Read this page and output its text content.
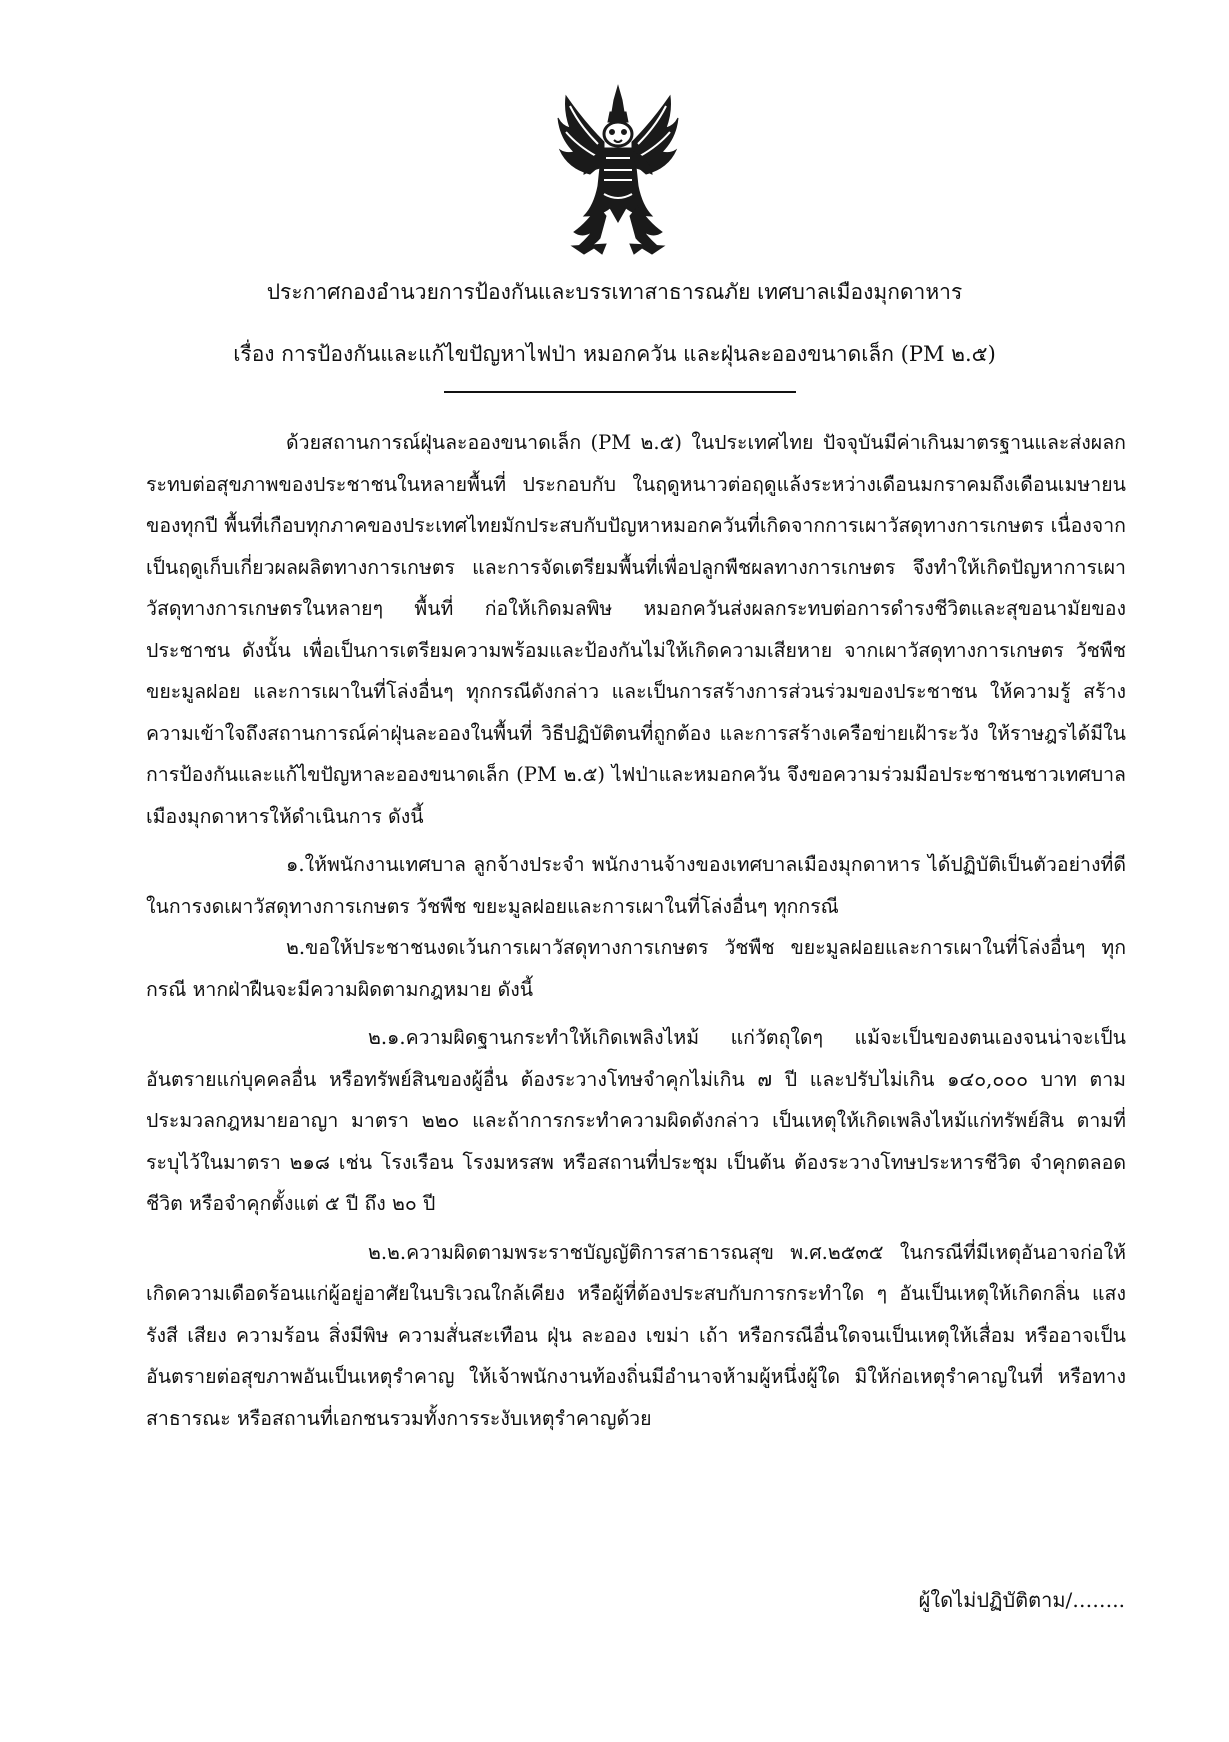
ประกาศกองอำนวยการป้องกันและบรรเทาสาธารณภัย เทศบาลเมืองมุกดาหาร
เรื่อง การป้องกันและแก้ไขปัญหาไฟป่า หมอกควัน และฝุ่นละอองขนาดเล็ก (PM ๒.๕)

ด้วยสถานการณ์ฝุ่นละอองขนาดเล็ก (PM ๒.๕) ในประเทศไทย ปัจจุบันมีค่าเกินมาตรฐานและส่งผลกระทบต่อสุขภาพของประชาชนในหลายพื้นที่ ประกอบกับ ในฤดูหนาวต่อฤดูแล้งระหว่างเดือนมกราคมถึงเดือนเมษายน ของทุกปี พื้นที่เกือบทุกภาคของประเทศไทยมักประสบกับปัญหาหมอกควันที่เกิดจากการเผาวัสดุทางการเกษตร เนื่องจากเป็นฤดูเก็บเกี่ยวผลผลิตทางการเกษตร และการจัดเตรียมพื้นที่เพื่อปลูกพืชผลทางการเกษตร จึงทำให้เกิดปัญหาการเผาวัสดุทางการเกษตรในหลายๆ พื้นที่ ก่อให้เกิดมลพิษ หมอกควันส่งผลกระทบต่อการดำรงชีวิตและสุขอนามัยของประชาชน ดังนั้น เพื่อเป็นการเตรียมความพร้อมและป้องกันไม่ให้เกิดความเสียหาย จากเผาวัสดุทางการเกษตร วัชพืช ขยะมูลฝอย และการเผาในที่โล่งอื่นๆ ทุกกรณีดังกล่าว และเป็นการสร้างการส่วนร่วมของประชาชน ให้ความรู้ สร้างความเข้าใจถึงสถานการณ์ค่าฝุ่นละอองในพื้นที่ วิธีปฏิบัติตนที่ถูกต้อง และการสร้างเครือข่ายเฝ้าระวัง ให้ราษฎรได้มีในการป้องกันและแก้ไขปัญหาละอองขนาดเล็ก (PM ๒.๕) ไฟป่าและหมอกควัน จึงขอความร่วมมือประชาชนชาวเทศบาลเมืองมุกดาหารให้ดำเนินการ ดังนี้

๑.ให้พนักงานเทศบาล ลูกจ้างประจำ พนักงานจ้างของเทศบาลเมืองมุกดาหาร ได้ปฏิบัติเป็นตัวอย่างที่ดี ในการงดเผาวัสดุทางการเกษตร วัชพืช ขยะมูลฝอยและการเผาในที่โล่งอื่นๆ ทุกกรณี

๒.ขอให้ประชาชนงดเว้นการเผาวัสดุทางการเกษตร วัชพืช ขยะมูลฝอยและการเผาในที่โล่งอื่นๆ ทุกกรณี หากฝ่าฝืนจะมีความผิดตามกฎหมาย ดังนี้

๒.๑.ความผิดฐานกระทำให้เกิดเพลิงไหม้ แก่วัตถุใดๆ แม้จะเป็นของตนเองจนน่าจะเป็นอันตรายแก่บุคคลอื่น หรือทรัพย์สินของผู้อื่น ต้องระวางโทษจำคุกไม่เกิน ๗ ปี และปรับไม่เกิน ๑๔๐,๐๐๐ บาท ตามประมวลกฎหมายอาญา มาตรา ๒๒๐ และถ้าการกระทำความผิดดังกล่าว เป็นเหตุให้เกิดเพลิงไหม้แก่ทรัพย์สิน ตามที่ระบุไว้ในมาตรา ๒๑๘ เช่น โรงเรือน โรงมหรสพ หรือสถานที่ประชุม เป็นต้น ต้องระวางโทษประหารชีวิต จำคุกตลอดชีวิต หรือจำคุกตั้งแต่ ๕ ปี ถึง ๒๐ ปี

๒.๒.ความผิดตามพระราชบัญญัติการสาธารณสุข พ.ศ.๒๕๓๕ ในกรณีที่มีเหตุอันอาจก่อให้เกิดความเดือดร้อนแก่ผู้อยู่อาศัยในบริเวณใกล้เคียง หรือผู้ที่ต้องประสบกับการกระทำใด ๆ อันเป็นเหตุให้เกิดกลิ่น แสง รังสี เสียง ความร้อน สิ่งมีพิษ ความสั่นสะเทือน ฝุ่น ละออง เขม่า เถ้า หรือกรณีอื่นใดจนเป็นเหตุให้เสื่อม หรืออาจเป็นอันตรายต่อสุขภาพอันเป็นเหตุรำคาญ ให้เจ้าพนักงานท้องถิ่นมีอำนาจห้ามผู้หนึ่งผู้ใด มิให้ก่อเหตุรำคาญในที่ หรือทางสาธารณะ หรือสถานที่เอกชนรวมทั้งการระงับเหตุรำคาญด้วย

ผู้ใดไม่ปฏิบัติตาม/……..
